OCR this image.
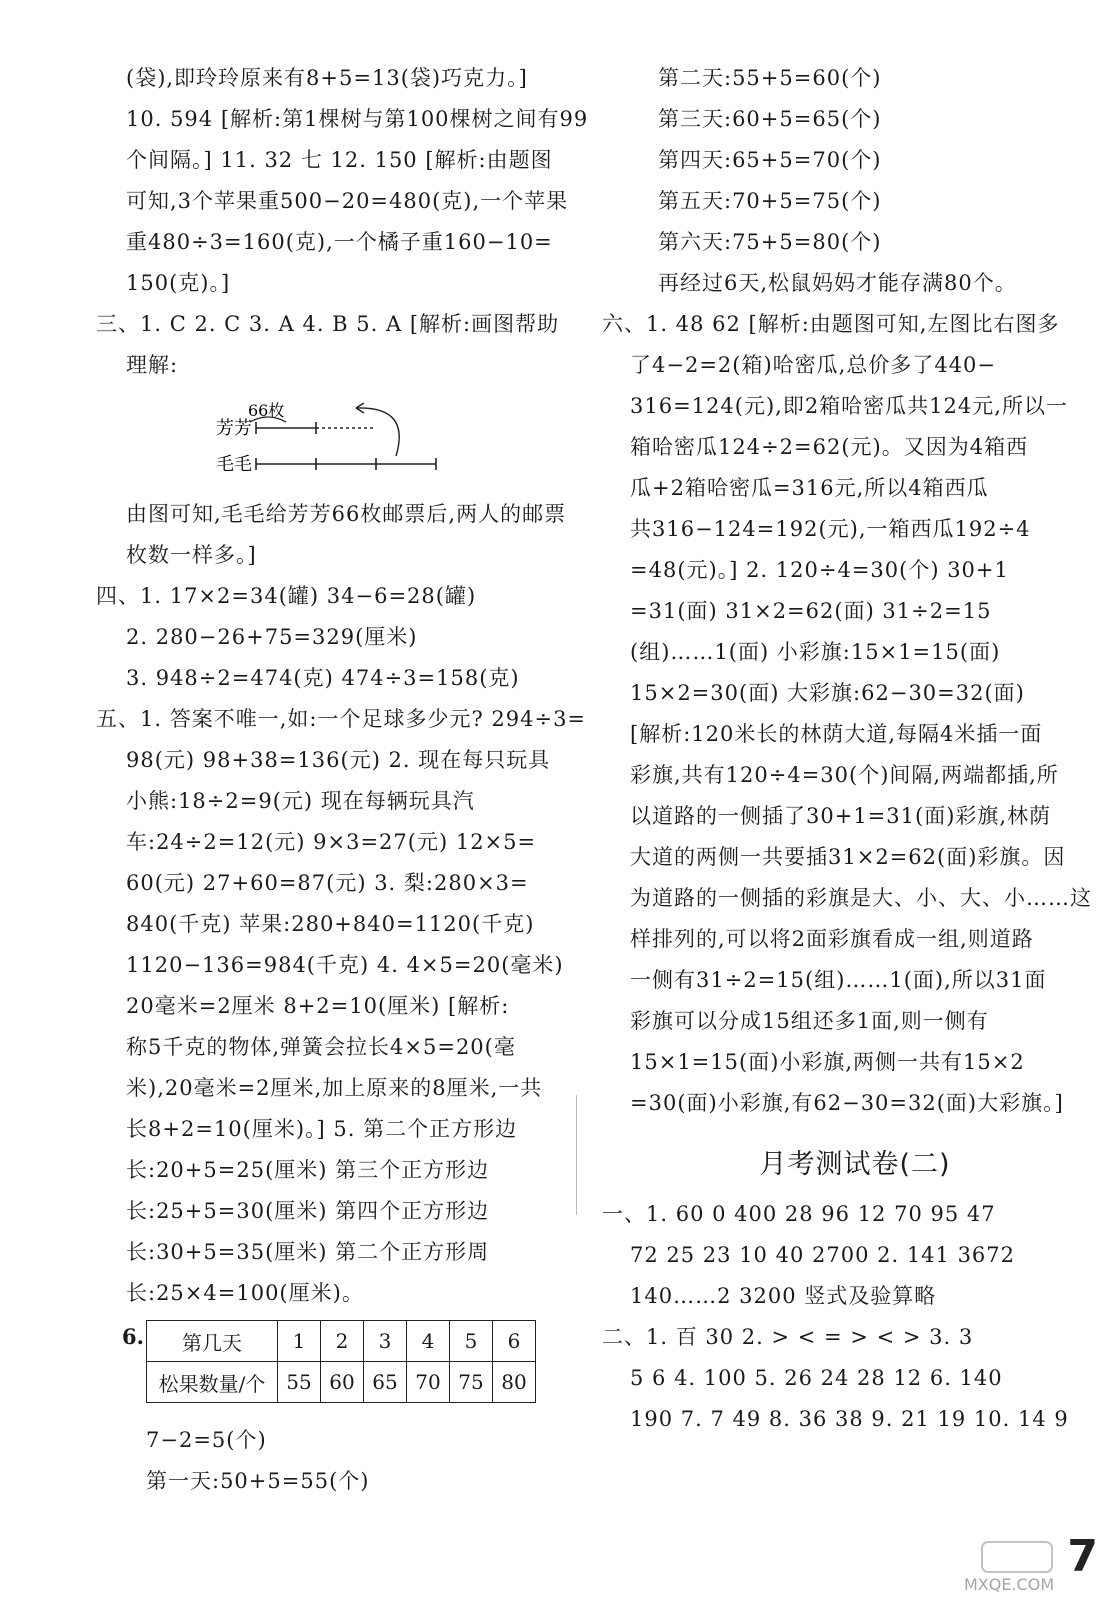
(袋),即玲玲原来有8+5=13(袋)巧克力。]
10. 594 [解析:第1棵树与第100棵树之间有99
个间隔。] 11. 32 七 12. 150 [解析:由题图
可知,3个苹果重500−20=480(克),一个苹果
重480÷3=160(克),一个橘子重160−10=
150(克)。]
三、1. C 2. C 3. A 4. B 5. A [解析:画图帮助
理解:
66枚
芳芳
毛毛
由图可知,毛毛给芳芳66枚邮票后,两人的邮票
枚数一样多。]
四、1. 17×2=34(罐) 34−6=28(罐)
2. 280−26+75=329(厘米)
3. 948÷2=474(克) 474÷3=158(克)
五、1. 答案不唯一,如:一个足球多少元? 294÷3=
98(元) 98+38=136(元) 2. 现在每只玩具
小熊:18÷2=9(元) 现在每辆玩具汽
车:24÷2=12(元) 9×3=27(元) 12×5=
60(元) 27+60=87(元) 3. 梨:280×3=
840(千克) 苹果:280+840=1120(千克)
1120−136=984(千克) 4. 4×5=20(毫米)
20毫米=2厘米 8+2=10(厘米) [解析:
称5千克的物体,弹簧会拉长4×5=20(毫
米),20毫米=2厘米,加上原来的8厘米,一共
长8+2=10(厘米)。] 5. 第二个正方形边
长:20+5=25(厘米) 第三个正方形边
长:25+5=30(厘米) 第四个正方形边
长:30+5=35(厘米) 第二个正方形周
长:25×4=100(厘米)。
6. 第几天	1	2	3	4	5	6
松果数量/个	55	60	65	70	75	80
7−2=5(个)
第一天:50+5=55(个)
第二天:55+5=60(个)
第三天:60+5=65(个)
第四天:65+5=70(个)
第五天:70+5=75(个)
第六天:75+5=80(个)
再经过6天,松鼠妈妈才能存满80个。
六、1. 48 62 [解析:由题图可知,左图比右图多
了4−2=2(箱)哈密瓜,总价多了440−
316=124(元),即2箱哈密瓜共124元,所以一
箱哈密瓜124÷2=62(元)。又因为4箱西
瓜+2箱哈密瓜=316元,所以4箱西瓜
共316−124=192(元),一箱西瓜192÷4
=48(元)。] 2. 120÷4=30(个) 30+1
=31(面) 31×2=62(面) 31÷2=15
(组)……1(面) 小彩旗:15×1=15(面)
15×2=30(面) 大彩旗:62−30=32(面)
[解析:120米长的林荫大道,每隔4米插一面
彩旗,共有120÷4=30(个)间隔,两端都插,所
以道路的一侧插了30+1=31(面)彩旗,林荫
大道的两侧一共要插31×2=62(面)彩旗。因
为道路的一侧插的彩旗是大、小、大、小……这
样排列的,可以将2面彩旗看成一组,则道路
一侧有31÷2=15(组)……1(面),所以31面
彩旗可以分成15组还多1面,则一侧有
15×1=15(面)小彩旗,两侧一共有15×2
=30(面)小彩旗,有62−30=32(面)大彩旗。]
月考测试卷(二)
一、1. 60 0 400 28 96 12 70 95 47
72 25 23 10 40 2700 2. 141 3672
140……2 3200 竖式及验算略
二、1. 百 30 2. > < = > < > 3. 3
5 6 4. 100 5. 26 24 28 12 6. 140
190 7. 7 49 8. 36 38 9. 21 19 10. 14 9
7
MXQE.COM
